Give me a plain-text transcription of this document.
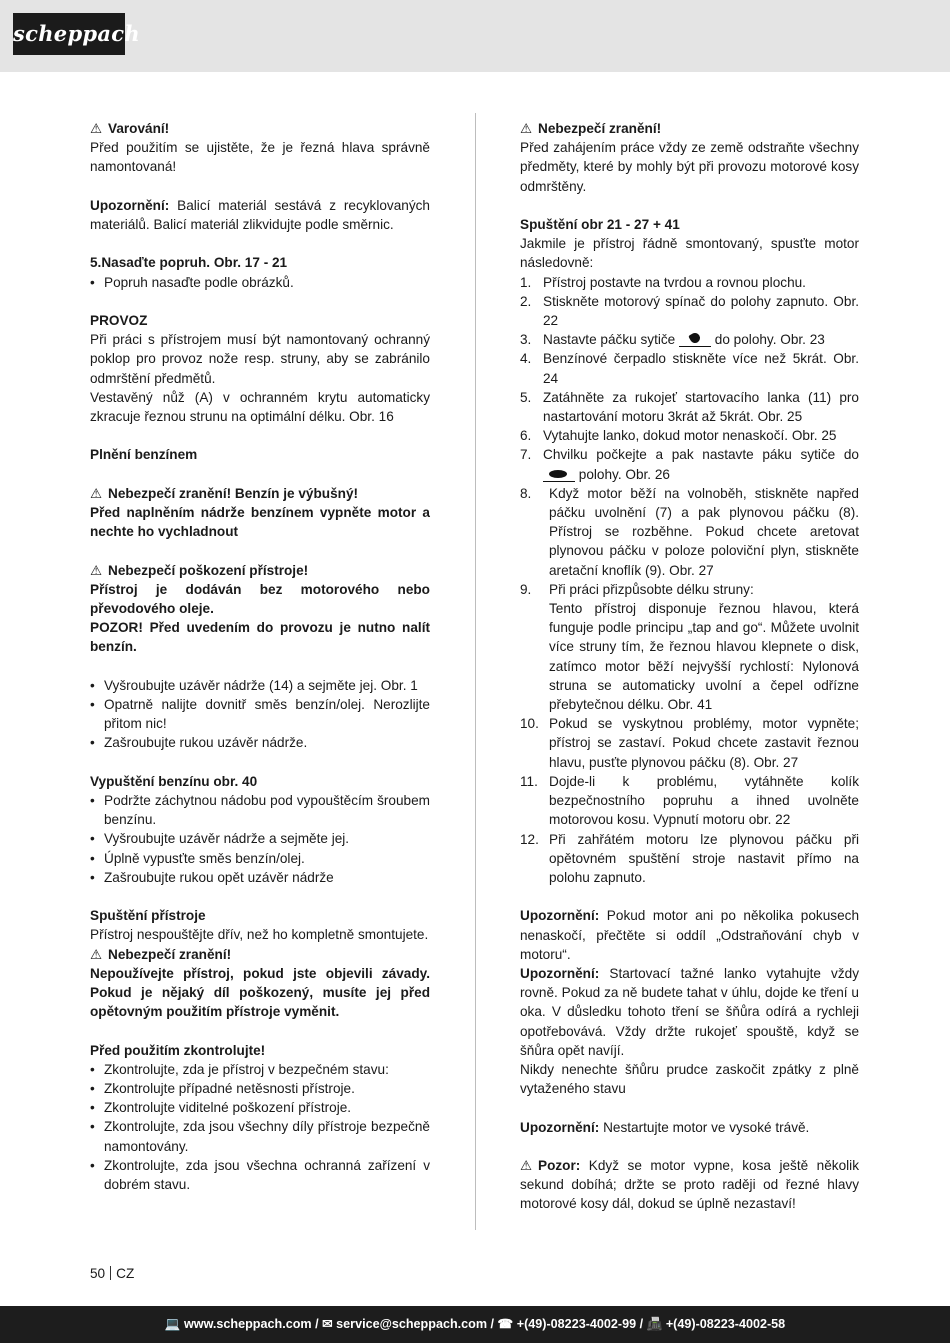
scheppach

⚠ Varování!

Před použitím se ujistěte, že je řezná hlava správně namontovaná!

Upozornění: Balicí materiál sestává z recyklovaných materiálů. Balicí materiál zlikvidujte podle směrnic.

5.Nasaďte popruh. Obr. 17 - 21

• Popruh nasaďte podle obrázků.

PROVOZ

Při práci s přístrojem musí být namontovaný ochranný poklop pro provoz nože resp. struny, aby se zabránilo odmrštění předmětů.

Vestavěný nůž (A) v ochranném krytu automaticky zkracuje řeznou strunu na optimální délku. Obr. 16

Plnění benzínem

⚠ Nebezpečí zranění! Benzín je výbušný!

Před naplněním nádrže benzínem vypněte motor a nechte ho vychladnout

⚠ Nebezpečí poškození přístroje!

Přístroj je dodáván bez motorového nebo převodového oleje.

POZOR! Před uvedením do provozu je nutno nalít benzín.

• Vyšroubujte uzávěr nádrže (14) a sejměte jej. Obr. 1
• Opatrně nalijte dovnitř směs benzín/olej. Nerozlijte přitom nic!
• Zašroubujte rukou uzávěr nádrže.

Vypuštění benzínu obr. 40

• Podržte záchytnou nádobu pod vypouštěcím šroubem benzínu.
• Vyšroubujte uzávěr nádrže a sejměte jej.
• Úplně vypusťte směs benzín/olej.
• Zašroubujte rukou opět uzávěr nádrže

Spuštění přístroje

Přístroj nespouštějte dřív, než ho kompletně smontujete.

⚠ Nebezpečí zranění!

Nepoužívejte přístroj, pokud jste objevili závady. Pokud je nějaký díl poškozený, musíte jej před opětovným použitím přístroje vyměnit.

Před použitím zkontrolujte!

• Zkontrolujte, zda je přístroj v bezpečném stavu:
• Zkontrolujte případné netěsnosti přístroje.
• Zkontrolujte viditelné poškození přístroje.
• Zkontrolujte, zda jsou všechny díly přístroje bezpečně namontovány.
• Zkontrolujte, zda jsou všechna ochranná zařízení v dobrém stavu.

⚠ Nebezpečí zranění!

Před zahájením práce vždy ze země odstraňte všechny předměty, které by mohly být při provozu motorové kosy odmrštěny.

Spuštění obr 21 - 27 + 41

Jakmile je přístroj řádně smontovaný, spusťte motor následovně:

1. Přístroj postavte na tvrdou a rovnou plochu.
2. Stiskněte motorový spínač do polohy zapnuto. Obr. 22
3. Nastavte páčku sytiče  do polohy. Obr. 23
4. Benzínové čerpadlo stiskněte více než 5krát. Obr. 24
5. Zatáhněte za rukojeť startovacího lanka (11) pro nastartování motoru 3krát až 5krát. Obr. 25
6. Vytahujte lanko, dokud motor nenaskočí. Obr. 25
7. Chvilku počkejte a pak nastavte páku sytiče do  polohy. Obr. 26
8. Když motor běží na volnoběh, stiskněte napřed páčku uvolnění (7) a pak plynovou páčku (8). Přístroj se rozběhne. Pokud chcete aretovat plynovou páčku v poloze poloviční plyn, stiskněte aretační knoflík (9). Obr. 27
9. Při práci přizpůsobte délku struny:
Tento přístroj disponuje řeznou hlavou, která funguje podle principu „tap and go“. Můžete uvolnit více struny tím, že řeznou hlavou klepnete o disk, zatímco motor běží nejvyšší rychlostí: Nylonová struna se automaticky uvolní a čepel odřízne přebytečnou délku. Obr. 41
10. Pokud se vyskytnou problémy, motor vypněte; přístroj se zastaví. Pokud chcete zastavit řeznou hlavu, pusťte plynovou páčku (8). Obr. 27
11. Dojde-li k problému, vytáhněte kolík bezpečnostního popruhu a ihned uvolněte motorovou kosu. Vypnutí motoru obr. 22
12. Při zahřátém motoru lze plynovou páčku při opětovném spuštění stroje nastavit přímo na polohu zapnuto.

Upozornění: Pokud motor ani po několika pokusech nenaskočí, přečtěte si oddíl „Odstraňování chyb v motoru“.

Upozornění: Startovací tažné lanko vytahujte vždy rovně. Pokud za ně budete tahat v úhlu, dojde ke tření u oka. V důsledku tohoto tření se šňůra odírá a rychleji opotřebovává. Vždy držte rukojeť spouště, když se šňůra opět navíjí.

Nikdy nenechte šňůru prudce zaskočit zpátky z plně vytaženého stavu

Upozornění: Nestartujte motor ve vysoké trávě.

⚠ Pozor: Když se motor vypne, kosa ještě několik sekund dobíhá; držte se proto raději od řezné hlavy motorové kosy dál, dokud se úplně nezastaví!

50 CZ
💻 www.scheppach.com / ✉ service@scheppach.com / ☎ +(49)-08223-4002-99 / 📠 +(49)-08223-4002-58
